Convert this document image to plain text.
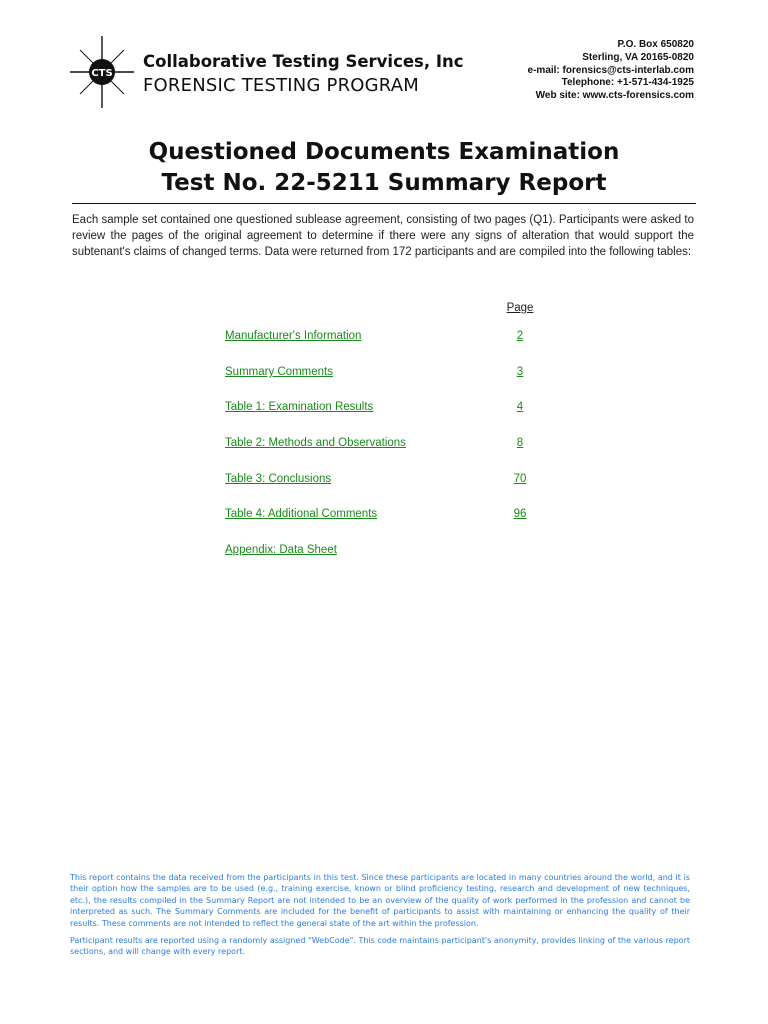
CTS
Collaborative Testing Services, Inc
FORENSIC TESTING PROGRAM
P.O. Box 650820
Sterling, VA 20165-0820
e-mail: forensics@cts-interlab.com
Telephone: +1-571-434-1925
Web site: www.cts-forensics.com
Questioned Documents Examination
Test No. 22-5211 Summary Report
Each sample set contained one questioned sublease agreement, consisting of two pages (Q1). Participants were asked to review the pages of the original agreement to determine if there were any signs of alteration that would support the subtenant's claims of changed terms. Data were returned from 172 participants and are compiled into the following tables:
Page
Manufacturer's Information	2
Summary Comments	3
Table 1: Examination Results	4
Table 2: Methods and Observations	8
Table 3: Conclusions	70
Table 4: Additional Comments	96
Appendix: Data Sheet

This report contains the data received from the participants in this test. Since these participants are located in many countries around the world, and it is their option how the samples are to be used (e.g., training exercise, known or blind proficiency testing, research and development of new techniques, etc.), the results compiled in the Summary Report are not intended to be an overview of the quality of work performed in the profession and cannot be interpreted as such. The Summary Comments are included for the benefit of participants to assist with maintaining or enhancing the quality of their results. These comments are not intended to reflect the general state of the art within the profession.

Participant results are reported using a randomly assigned "WebCode". This code maintains participant's anonymity, provides linking of the various report sections, and will change with every report.
